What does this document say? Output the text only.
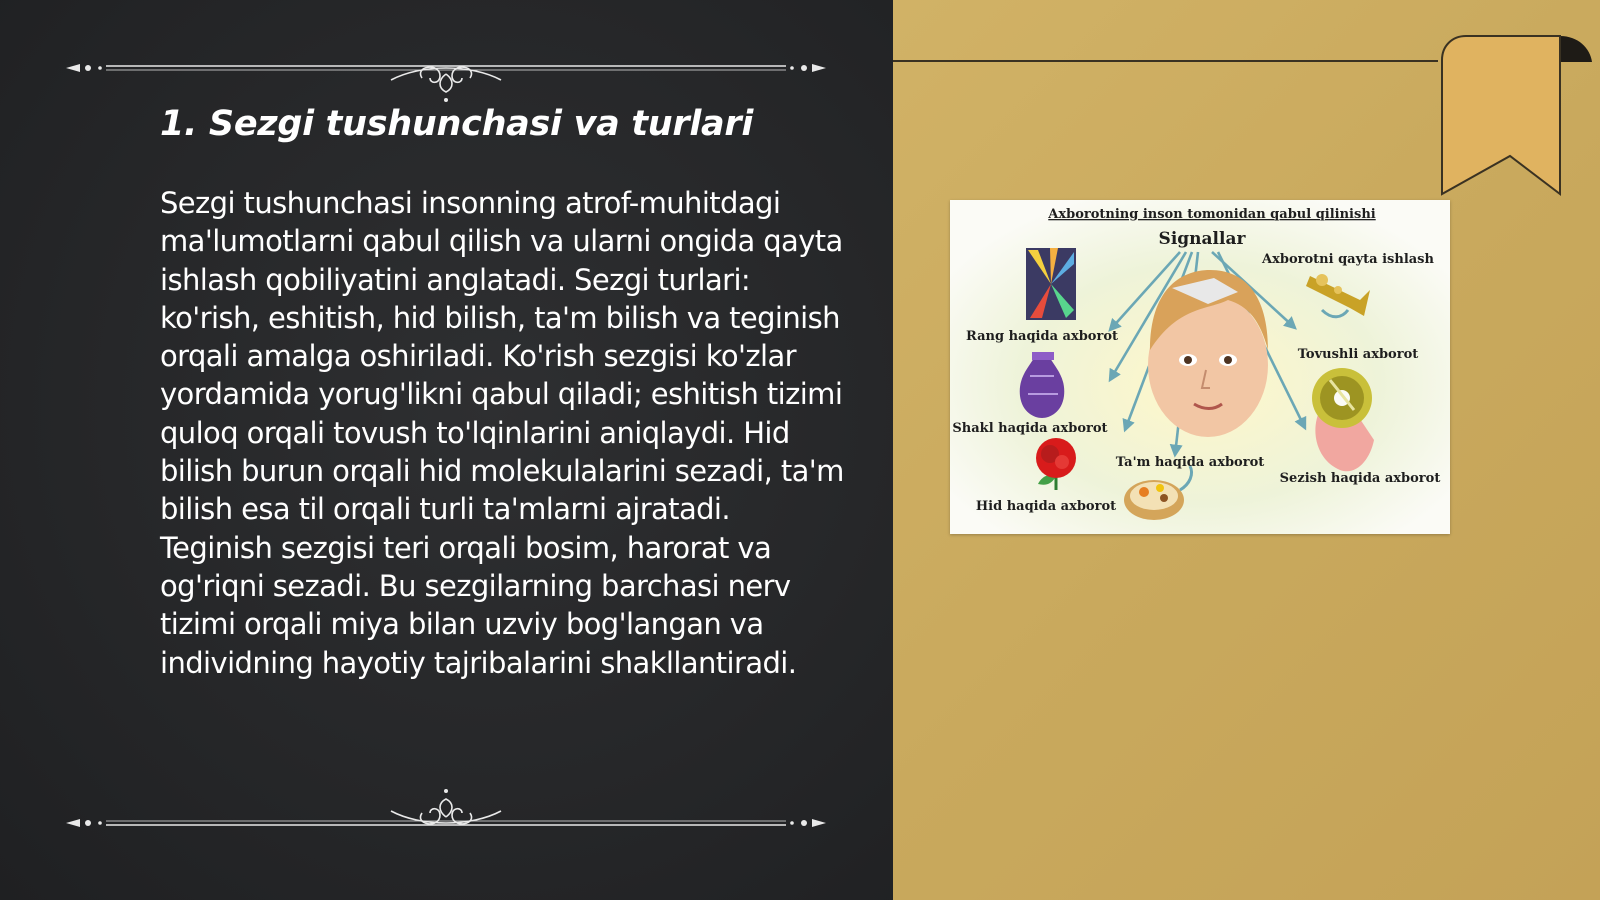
1. Sezgi tushunchasi va turlari

Sezgi tushunchasi insonning atrof-muhitdagi ma'lumotlarni qabul qilish va ularni ongida qayta ishlash qobiliyatini anglatadi. Sezgi turlari: ko'rish, eshitish, hid bilish, ta'm bilish va teginish orqali amalga oshiriladi. Ko'rish sezgisi ko'zlar yordamida yorug'likni qabul qiladi; eshitish tizimi quloq orqali tovush to'lqinlarini aniqlaydi. Hid bilish burun orqali hid molekulalarini sezadi, ta'm bilish esa til orqali turli ta'mlarni ajratadi. Teginish sezgisi teri orqali bosim, harorat va og'riqni sezadi. Bu sezgilarning barchasi nerv tizimi orqali miya bilan uzviy bog'langan va individning hayotiy tajribalarini shakllantiradi.

Axborotning inson tomonidan qabul qilinishi
Signallar
Rang haqida axborot
Shakl haqida axborot
Hid haqida axborot
Axborotni qayta ishlash
Tovushli axborot
Sezish haqida axborot
Ta'm haqida axborot
